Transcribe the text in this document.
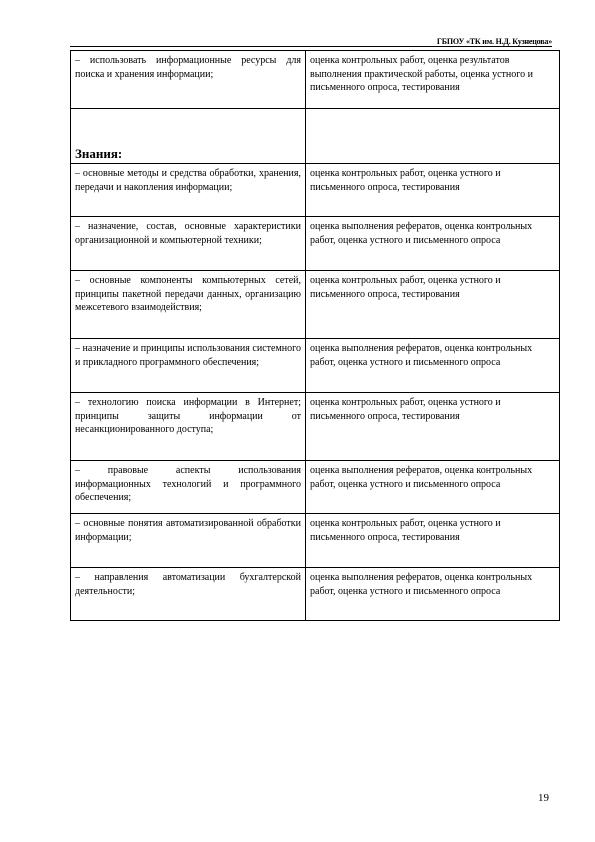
ГБПОУ «ТК им. Н.Д. Кузнецова»
– использовать информационные ресурсы для поиска и хранения информации;	оценка контрольных работ, оценка результатов выполнения практической работы, оценка устного и письменного опроса, тестирования

Знания:	

– основные методы и средства обработки, хранения, передачи и накопления информации;	оценка контрольных работ, оценка устного и письменного опроса, тестирования

– назначение, состав, основные характеристики организационной и компьютерной техники;	оценка выполнения рефератов, оценка контрольных работ, оценка устного и письменного опроса

– основные компоненты компьютерных сетей, принципы пакетной передачи данных, организацию межсетевого взаимодействия;	оценка контрольных работ, оценка устного и письменного опроса, тестирования

– назначение и принципы использования системного и прикладного программного обеспечения;	оценка выполнения рефератов, оценка контрольных работ, оценка устного и письменного опроса

– технологию поиска информации в Интернет; принципы защиты информации от несанкционированного доступа;	оценка контрольных работ, оценка устного и письменного опроса, тестирования

– правовые аспекты использования информационных технологий и программного обеспечения;	оценка выполнения рефератов, оценка контрольных работ, оценка устного и письменного опроса

– основные понятия автоматизированной обработки информации;	оценка контрольных работ, оценка устного и письменного опроса, тестирования

– направления автоматизации бухгалтерской деятельности;	оценка выполнения рефератов, оценка контрольных работ, оценка устного и письменного опроса
19
